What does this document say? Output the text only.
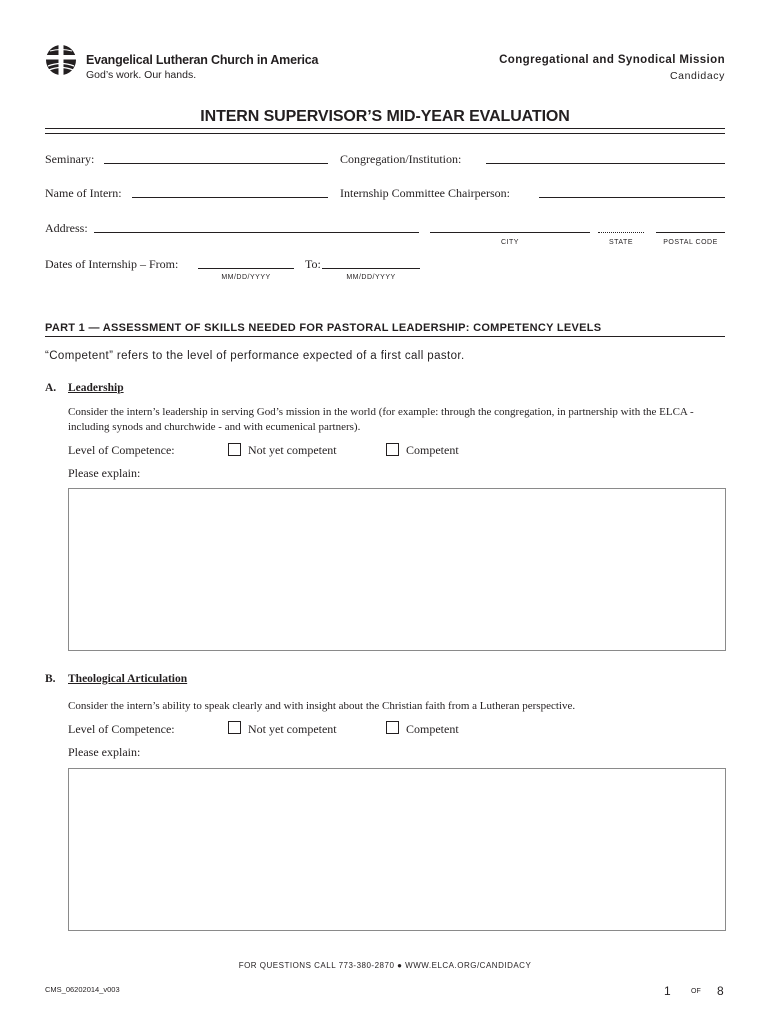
Evangelical Lutheran Church in America
God’s work. Our hands.
Congregational and Synodical Mission
Candidacy
INTERN SUPERVISOR’S MID-YEAR EVALUATION
Seminary:	Congregation/Institution:
Name of Intern:	Internship Committee Chairperson:
Address:
CITY	STATE	POSTAL CODE
Dates of Internship – From:
MM/DD/YYYY
To:
MM/DD/YYYY
PART 1 — ASSESSMENT OF SKILLS NEEDED FOR PASTORAL LEADERSHIP: COMPETENCY LEVELS
“Competent” refers to the level of performance expected of a first call pastor.
A. Leadership
Consider the intern’s leadership in serving God’s mission in the world (for example: through the congregation, in partnership with the ELCA - including synods and churchwide - and with ecumenical partners).
Level of Competence:	Not yet competent	Competent
Please explain:
B. Theological Articulation
Consider the intern’s ability to speak clearly and with insight about the Christian faith from a Lutheran perspective.
Level of Competence:	Not yet competent	Competent
Please explain:
FOR QUESTIONS CALL 773-380-2870 ● WWW.ELCA.ORG/CANDIDACY
CMS_06202014_v003	1	OF 8
